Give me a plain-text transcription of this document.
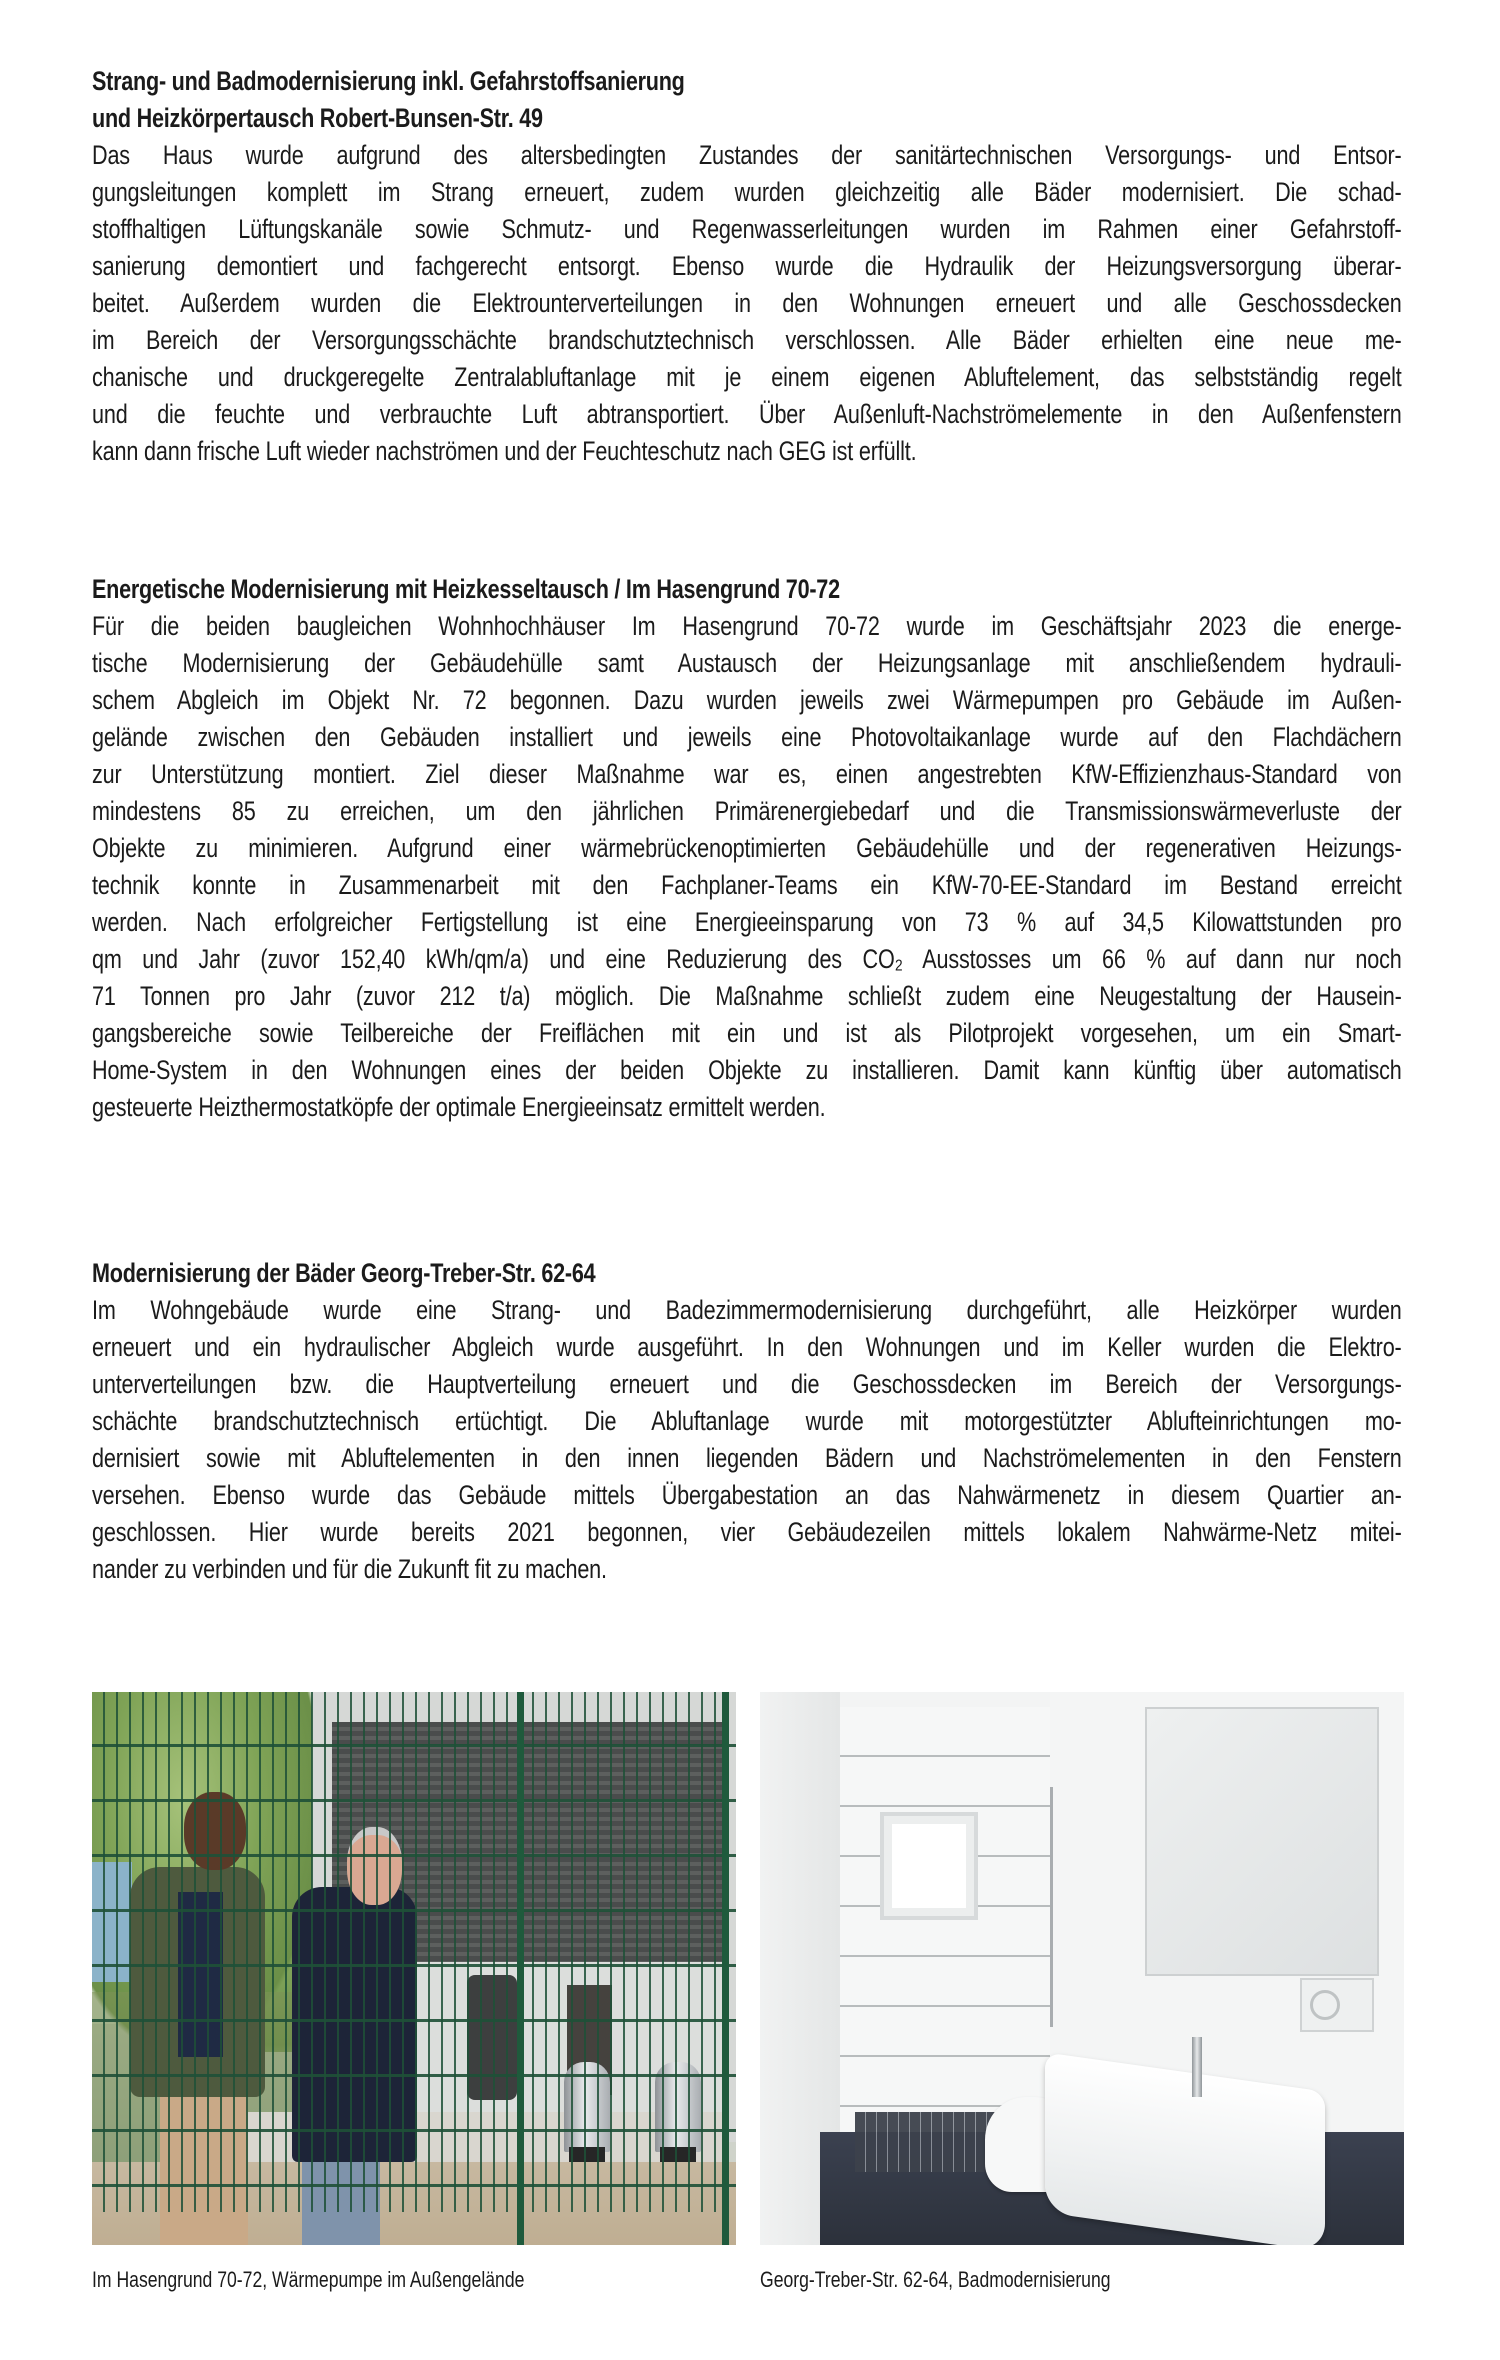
Strang- und Badmodernisierung inkl. Gefahrstoffsanierung
und Heizkörpertausch Robert-Bunsen-Str. 49
Das Haus wurde aufgrund des altersbedingten Zustandes der sanitärtechnischen Versorgungs- und Entsor-
gungsleitungen komplett im Strang erneuert, zudem wurden gleichzeitig alle Bäder modernisiert. Die schad-
stoffhaltigen Lüftungskanäle sowie Schmutz- und Regenwasserleitungen wurden im Rahmen einer Gefahrstoff-
sanierung demontiert und fachgerecht entsorgt. Ebenso wurde die Hydraulik der Heizungsversorgung überar-
beitet. Außerdem wurden die Elektrounterverteilungen in den Wohnungen erneuert und alle Geschossdecken
im Bereich der Versorgungsschächte brandschutztechnisch verschlossen. Alle Bäder erhielten eine neue me-
chanische und druckgeregelte Zentralabluftanlage mit je einem eigenen Abluftelement, das selbstständig regelt
und die feuchte und verbrauchte Luft abtransportiert. Über Außenluft-Nachströmelemente in den Außenfenstern
kann dann frische Luft wieder nachströmen und der Feuchteschutz nach GEG ist erfüllt.
Energetische Modernisierung mit Heizkesseltausch / Im Hasengrund 70-72
Für die beiden baugleichen Wohnhochhäuser Im Hasengrund 70-72 wurde im Geschäftsjahr 2023 die energe-
tische Modernisierung der Gebäudehülle samt Austausch der Heizungsanlage mit anschließendem hydrauli-
schem Abgleich im Objekt Nr. 72 begonnen. Dazu wurden jeweils zwei Wärmepumpen pro Gebäude im Außen-
gelände zwischen den Gebäuden installiert und jeweils eine Photovoltaikanlage wurde auf den Flachdächern
zur Unterstützung montiert. Ziel dieser Maßnahme war es, einen angestrebten KfW-Effizienzhaus-Standard von
mindestens 85 zu erreichen, um den jährlichen Primärenergiebedarf und die Transmissionswärmeverluste der
Objekte zu minimieren. Aufgrund einer wärmebrückenoptimierten Gebäudehülle und der regenerativen Heizungs-
technik konnte in Zusammenarbeit mit den Fachplaner-Teams ein KfW-70-EE-Standard im Bestand erreicht
werden. Nach erfolgreicher Fertigstellung ist eine Energieeinsparung von 73 % auf 34,5 Kilowattstunden pro
qm und Jahr (zuvor 152,40 kWh/qm/a) und eine Reduzierung des CO₂ Ausstosses um 66 % auf dann nur noch
71 Tonnen pro Jahr (zuvor 212 t/a) möglich. Die Maßnahme schließt zudem eine Neugestaltung der Hausein-
gangsbereiche sowie Teilbereiche der Freiflächen mit ein und ist als Pilotprojekt vorgesehen, um ein Smart-
Home-System in den Wohnungen eines der beiden Objekte zu installieren. Damit kann künftig über automatisch
gesteuerte Heizthermostatköpfe der optimale Energieeinsatz ermittelt werden.
Modernisierung der Bäder Georg-Treber-Str. 62-64
Im Wohngebäude wurde eine Strang- und Badezimmermodernisierung durchgeführt, alle Heizkörper wurden
erneuert und ein hydraulischer Abgleich wurde ausgeführt. In den Wohnungen und im Keller wurden die Elektro-
unterverteilungen bzw. die Hauptverteilung erneuert und die Geschossdecken im Bereich der Versorgungs-
schächte brandschutztechnisch ertüchtigt. Die Abluftanlage wurde mit motorgestützter Ablufteinrichtungen mo-
dernisiert sowie mit Abluftelementen in den innen liegenden Bädern und Nachströmelementen in den Fenstern
versehen. Ebenso wurde das Gebäude mittels Übergabestation an das Nahwärmenetz in diesem Quartier an-
geschlossen. Hier wurde bereits 2021 begonnen, vier Gebäudezeilen mittels lokalem Nahwärme-Netz mitei-
nander zu verbinden und für die Zukunft fit zu machen.
Im Hasengrund 70-72, Wärmepumpe im Außengelände	Georg-Treber-Str. 62-64, Badmodernisierung
